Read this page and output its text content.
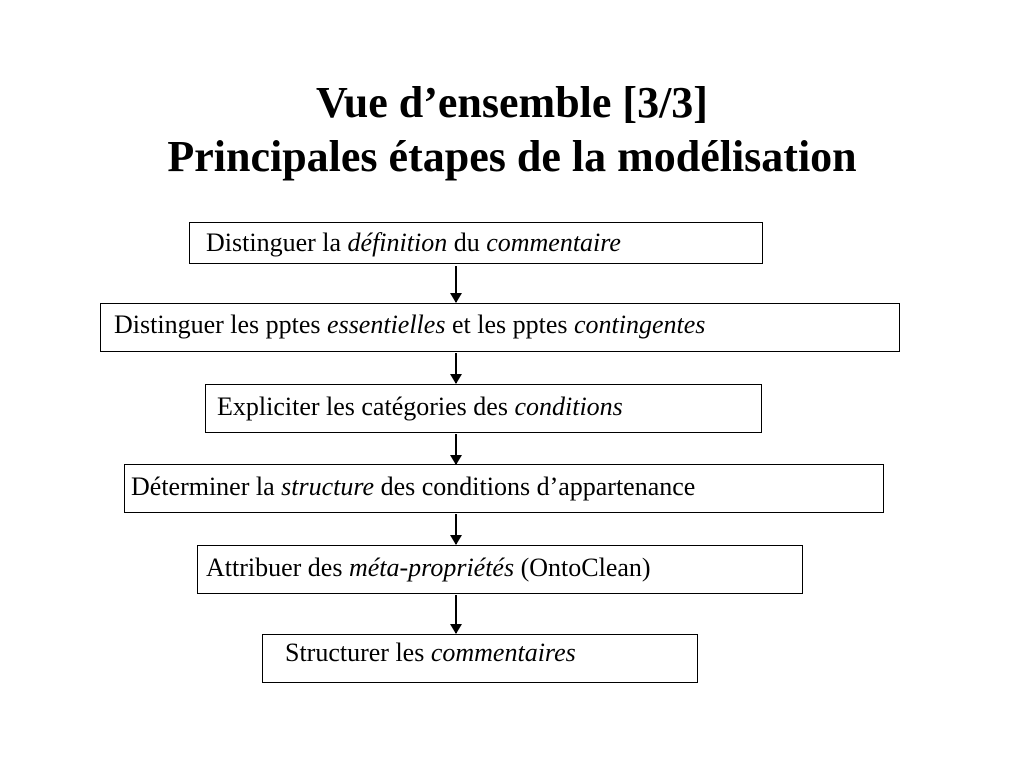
Vue d’ensemble [3/3]
Principales étapes de la modélisation
Distinguer la définition du commentaire
Distinguer les pptes essentielles et les pptes contingentes
Expliciter les catégories des conditions
Déterminer la structure des conditions d’appartenance
Attribuer des méta-propriétés (OntoClean)
Structurer les commentaires
